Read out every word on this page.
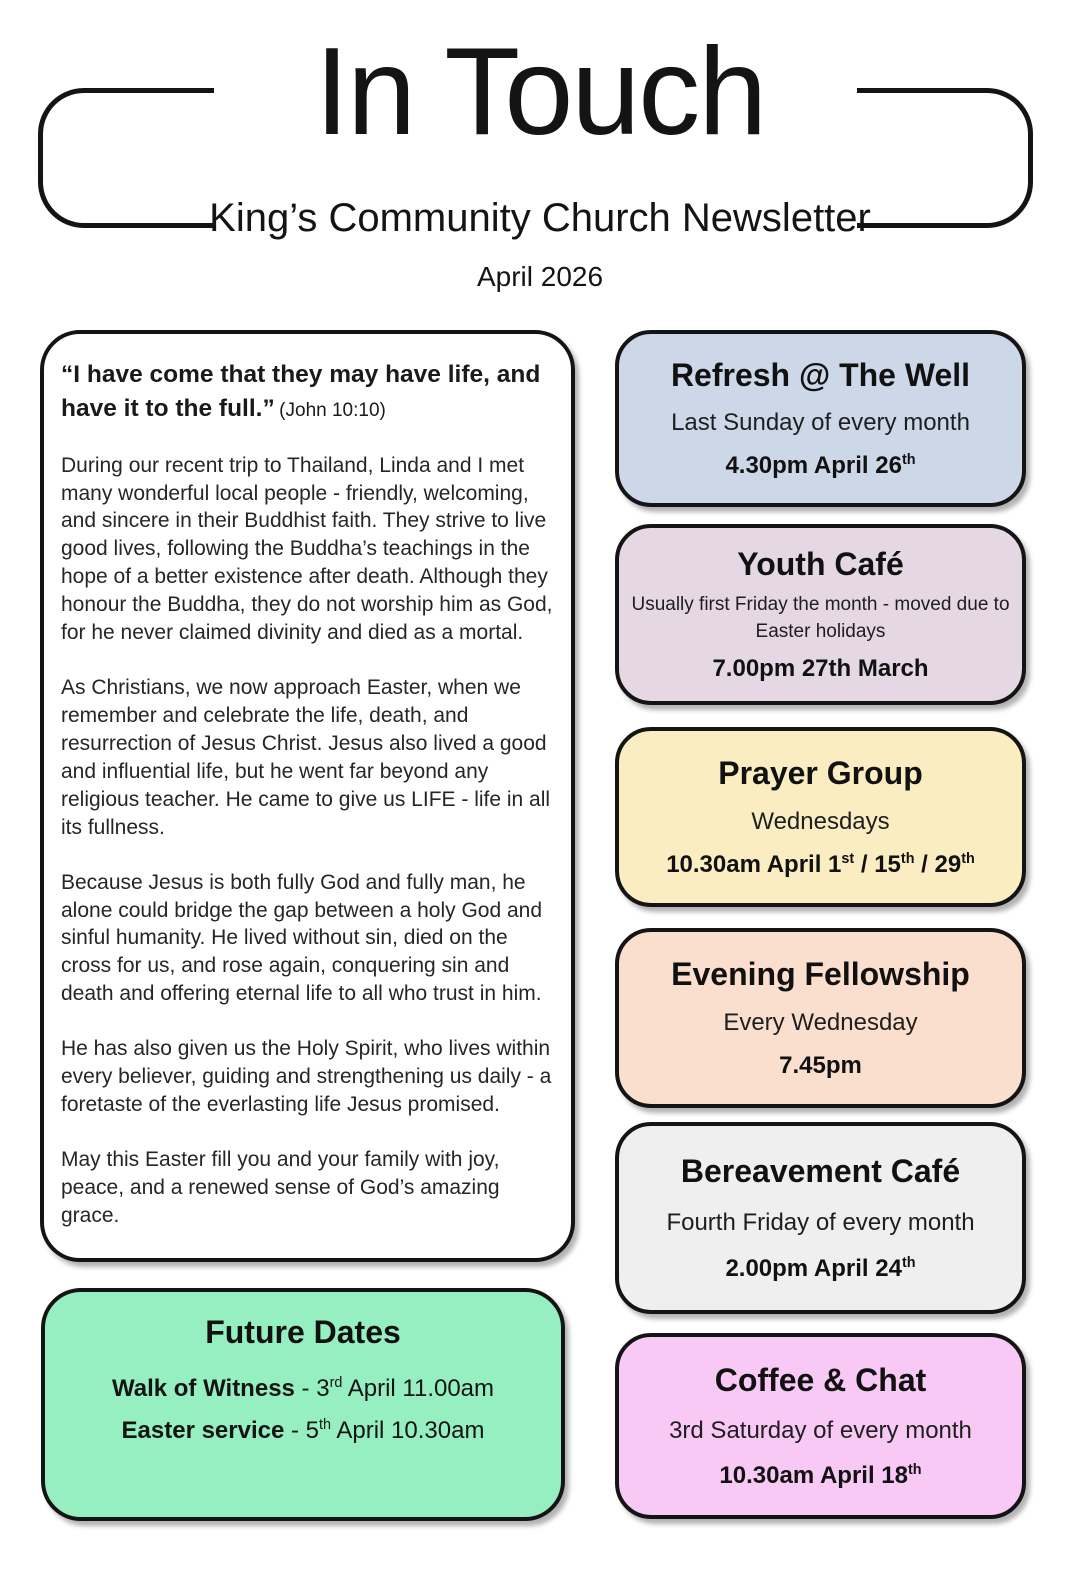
In Touch
King’s Community Church Newsletter
April 2026

“I have come that they may have life, and have it to the full.” (John 10:10)

During our recent trip to Thailand, Linda and I met many wonderful local people - friendly, welcoming, and sincere in their Buddhist faith. They strive to live good lives, following the Buddha’s teachings in the hope of a better existence after death. Although they honour the Buddha, they do not worship him as God, for he never claimed divinity and died as a mortal.

As Christians, we now approach Easter, when we remember and celebrate the life, death, and resurrection of Jesus Christ. Jesus also lived a good and influential life, but he went far beyond any religious teacher. He came to give us LIFE - life in all its fullness.

Because Jesus is both fully God and fully man, he alone could bridge the gap between a holy God and sinful humanity. He lived without sin, died on the cross for us, and rose again, conquering sin and death and offering eternal life to all who trust in him.

He has also given us the Holy Spirit, who lives within every believer, guiding and strengthening us daily - a foretaste of the everlasting life Jesus promised.

May this Easter fill you and your family with joy, peace, and a renewed sense of God’s amazing grace.

Refresh @ The Well
Last Sunday of every month
4.30pm April 26th
Youth Café
Usually first Friday the month - moved due to
Easter holidays
7.00pm 27th March
Prayer Group
Wednesdays
10.30am April 1st / 15th / 29th
Evening Fellowship
Every Wednesday
7.45pm
Bereavement Café
Fourth Friday of every month
2.00pm April 24th
Coffee & Chat
3rd Saturday of every month
10.30am April 18th
Future Dates

Walk of Witness - 3rd April 11.00am

Easter service - 5th April 10.30am
